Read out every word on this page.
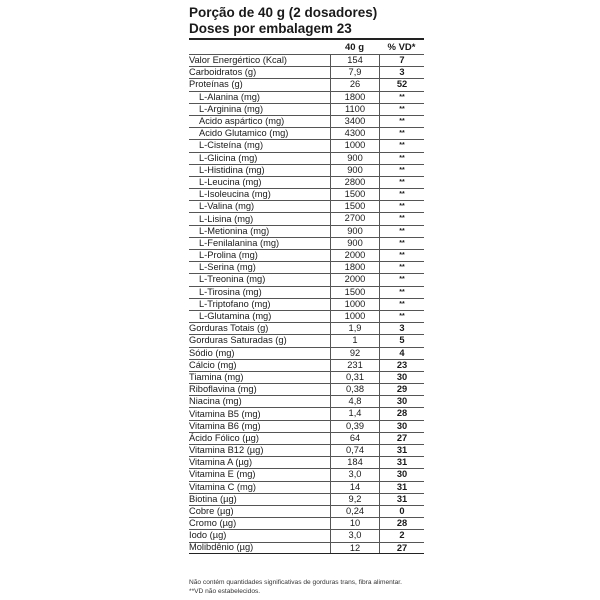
Porção de 40 g (2 dosadores)
Doses por embalagem 23
40 g	% VD*
Valor Energértico (Kcal)	154	7
Carboidratos (g)	7,9	3
Proteínas (g)	26	52
L-Alanina (mg)	1800	**
L-Arginina (mg)	1100	**
Acido aspártico (mg)	3400	**
Acido Glutamico (mg)	4300	**
L-Cisteína (mg)	1000	**
L-Glicina (mg)	900	**
L-Histidina (mg)	900	**
L-Leucina (mg)	2800	**
L-Isoleucina (mg)	1500	**
L-Valina (mg)	1500	**
L-Lisina (mg)	2700	**
L-Metionina (mg)	900	**
L-Fenilalanina (mg)	900	**
L-Prolina (mg)	2000	**
L-Serina (mg)	1800	**
L-Treonina (mg)	2000	**
L-Tirosina (mg)	1500	**
L-Triptofano (mg)	1000	**
L-Glutamina (mg)	1000	**
Gorduras Totais (g)	1,9	3
Gorduras Saturadas (g)	1	5
Sódio (mg)	92	4
Cálcio (mg)	231	23
Tiamina (mg)	0,31	30
Riboflavina (mg)	0,38	29
Niacina (mg)	4,8	30
Vitamina B5 (mg)	1,4	28
Vitamina B6 (mg)	0,39	30
Ácido Fólico (µg)	64	27
Vitamina B12 (µg)	0,74	31
Vitamina A (µg)	184	31
Vitamina E (mg)	3,0	30
Vitamina C (mg)	14	31
Biotina (µg)	9,2	31
Cobre (µg)	0,24	0
Cromo (µg)	10	28
Iodo (µg)	3,0	2
Molibdênio (µg)	12	27
Não contém quantidades significativas de gorduras trans, fibra alimentar.
**VD não estabelecidos.
